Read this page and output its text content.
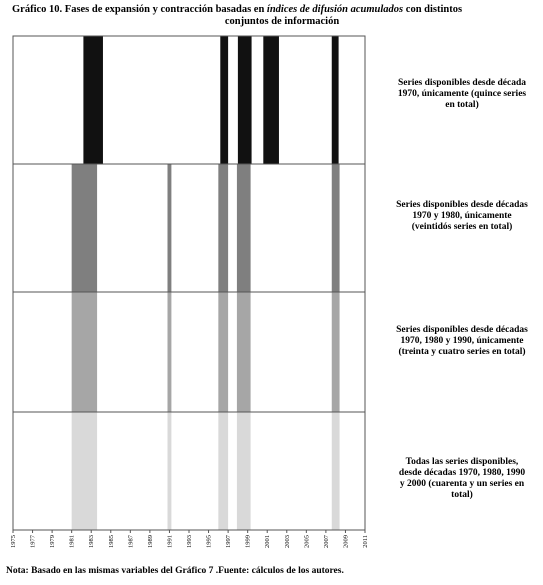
Gráfico 10. Fases de expansión y contracción basadas en índices de difusión acumulados con distintos
conjuntos de información
1975 1977 1979 1981 1983 1985 1987 1989 1991 1993 1995 1997 1999 2001 2003 2005 2007 2009 2011
Series disponibles desde década 1970, únicamente (quince series en total)
Series disponibles desde décadas 1970 y 1980, únicamente (veintidós series en total)
Series disponibles desde décadas 1970, 1980 y 1990, únicamente (treinta y cuatro series en total)
Todas las series disponibles, desde décadas 1970, 1980, 1990 y 2000 (cuarenta y un series en total)
Nota: Basado en las mismas variables del Gráfico 7 .Fuente: cálculos de los autores.
